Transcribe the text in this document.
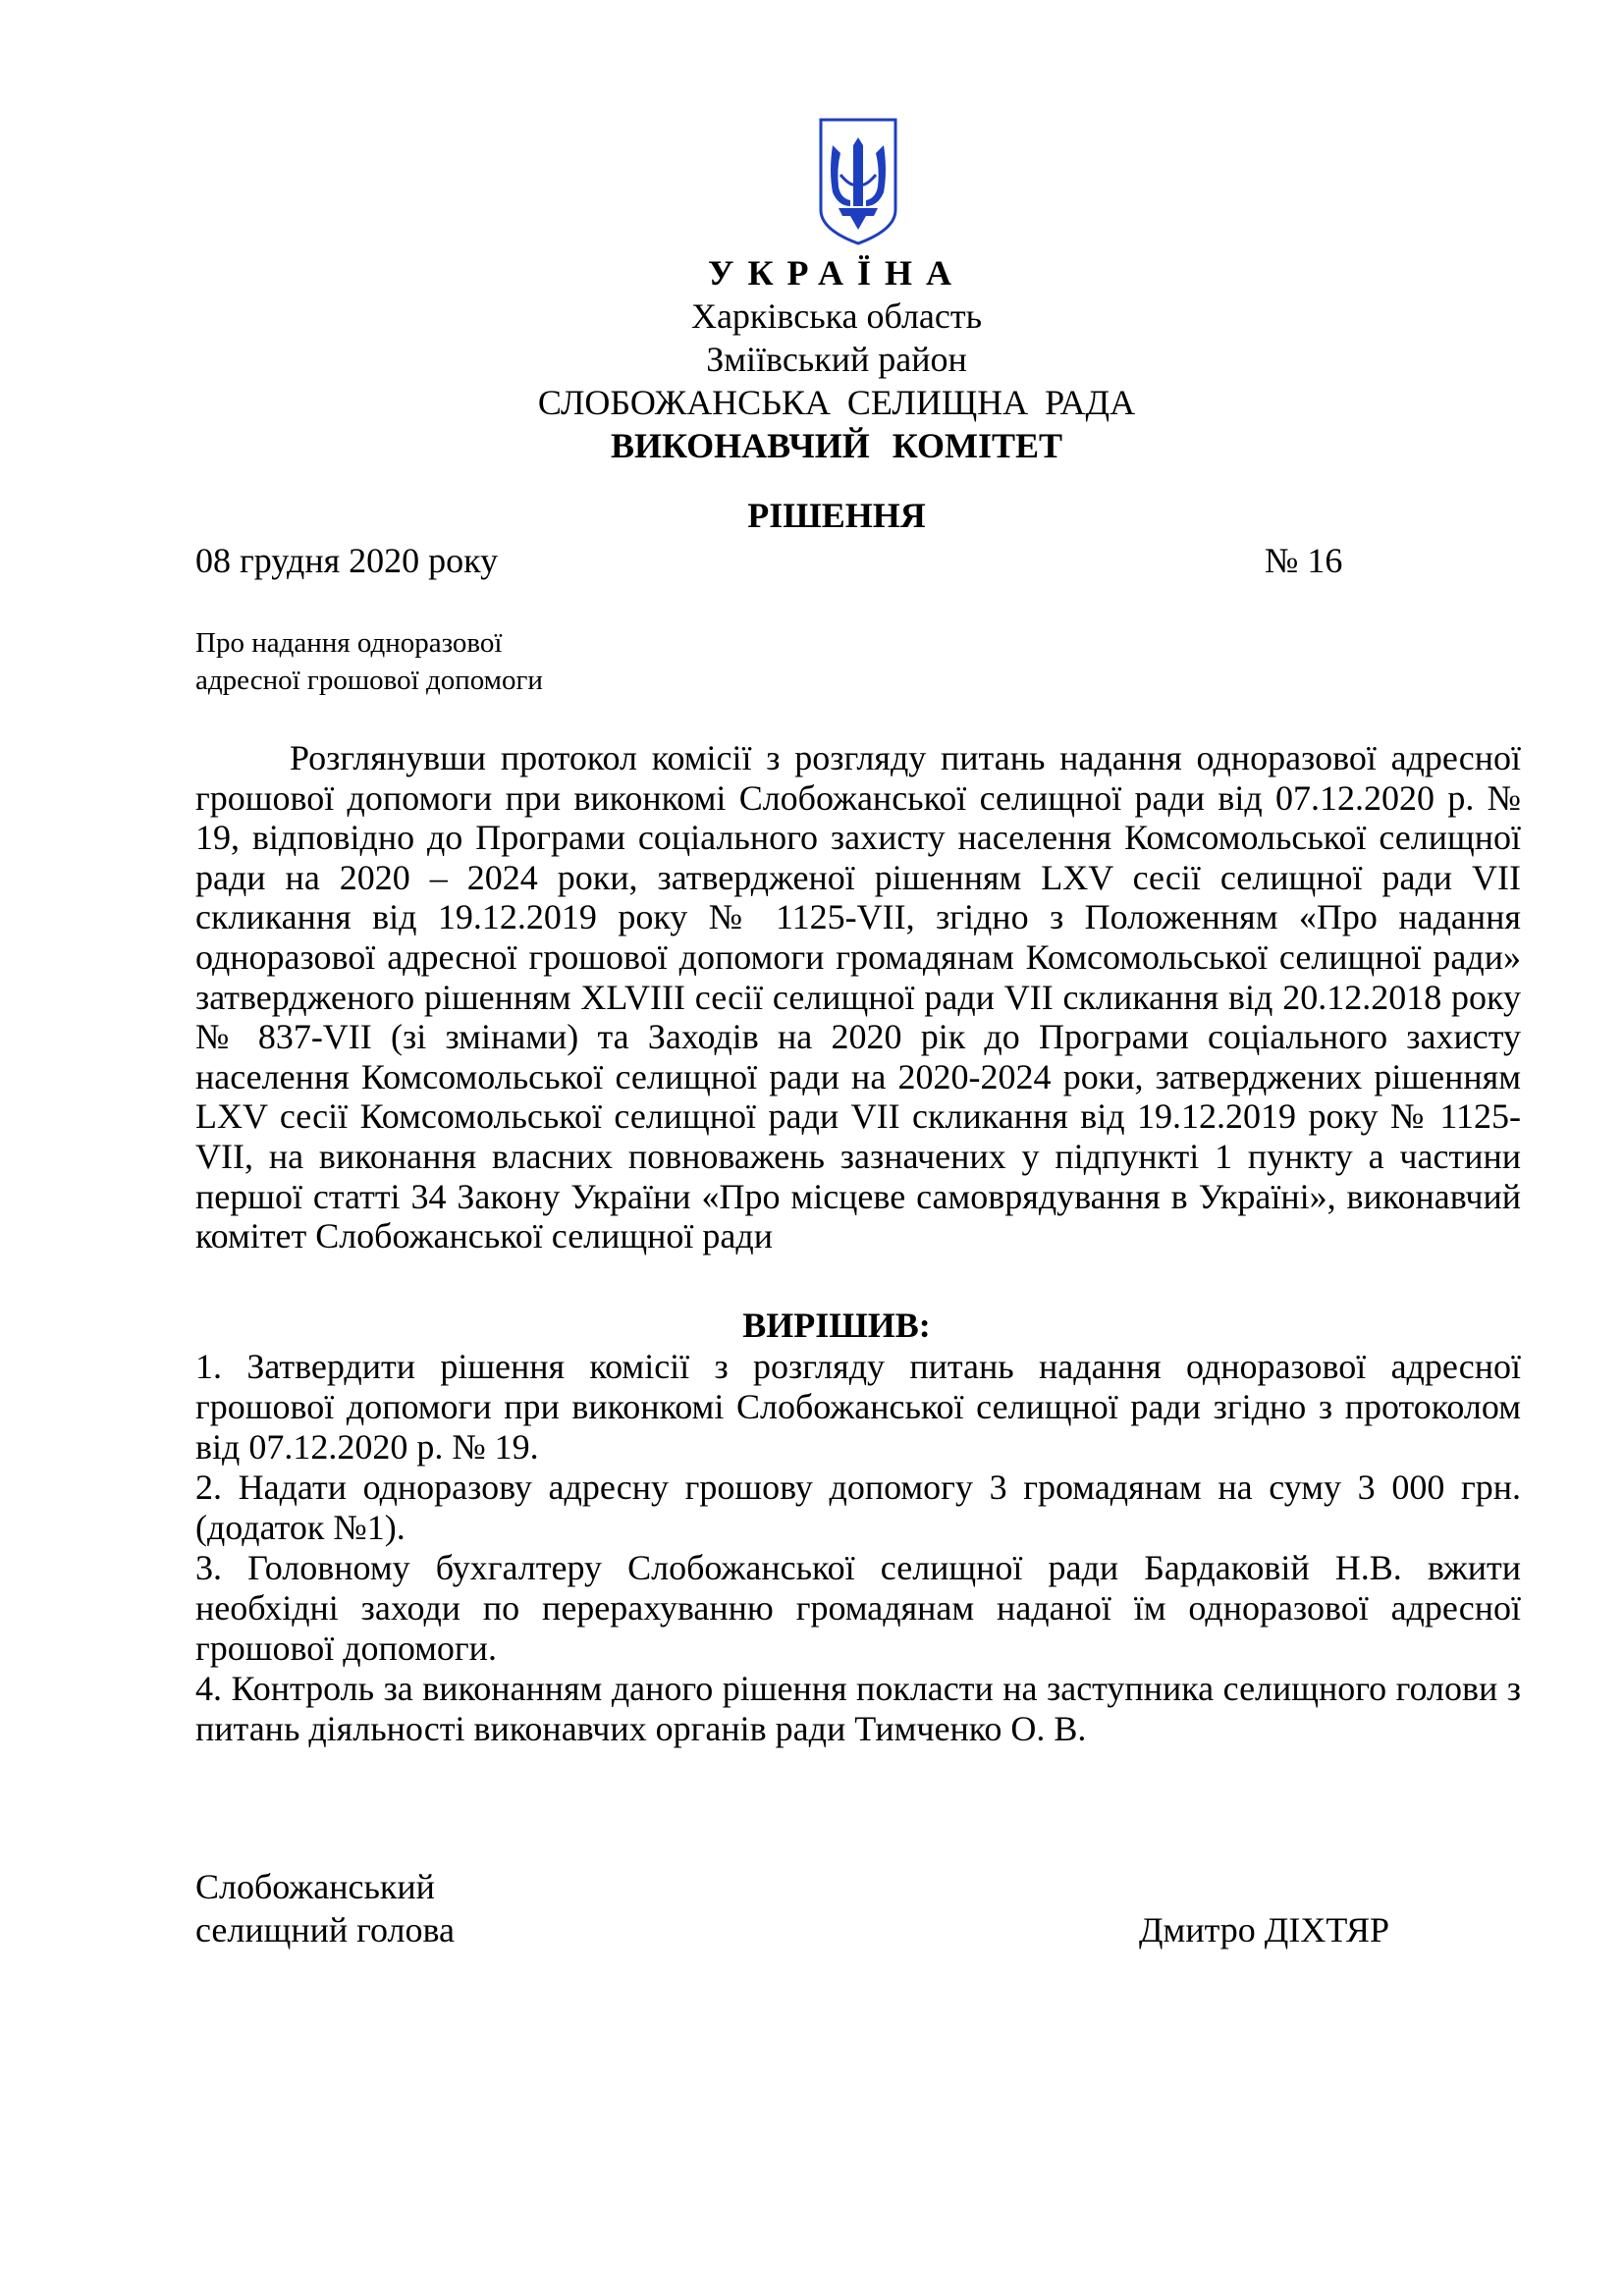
УКРАЇНА
Харківська область
Зміївський район
СЛОБОЖАНСЬКА СЕЛИЩНА РАДА
ВИКОНАВЧИЙ КОМІТЕТ
РІШЕННЯ
08 грудня 2020 року	№ 16
Про надання одноразової
адресної грошової допомоги

Розглянувши протокол комісії з розгляду питань надання одноразової адресної грошової допомоги при виконкомі Слобожанської селищної ради від 07.12.2020 р. № 19, відповідно до Програми соціального захисту населення Комсомольської селищної ради на 2020 – 2024 роки, затвердженої рішенням LXV сесії селищної ради VII скликання від 19.12.2019 року № 1125-VII, згідно з Положенням «Про надання одноразової адресної грошової допомоги громадянам Комсомольської селищної ради» затвердженого рішенням XLVIII сесії селищної ради VII скликання від 20.12.2018 року № 837-VII (зі змінами) та Заходів на 2020 рік до Програми соціального захисту населення Комсомольської селищної ради на 2020-2024 роки, затверджених рішенням LXV сесії Комсомольської селищної ради VII скликання від 19.12.2019 року № 1125-VII, на виконання власних повноважень зазначених у підпункті 1 пункту а частини першої статті 34 Закону України «Про місцеве самоврядування в Україні», виконавчий комітет Слобожанської селищної ради

ВИРІШИВ:

1. Затвердити рішення комісії з розгляду питань надання одноразової адресної грошової допомоги при виконкомі Слобожанської селищної ради згідно з протоколом від 07.12.2020 р. № 19.

2. Надати одноразову адресну грошову допомогу 3 громадянам на суму 3 000 грн. (додаток №1).

3. Головному бухгалтеру Слобожанської селищної ради Бардаковій Н.В. вжити необхідні заходи по перерахуванню громадянам наданої їм одноразової адресної грошової допомоги.

4. Контроль за виконанням даного рішення покласти на заступника селищного голови з питань діяльності виконавчих органів ради Тимченко О. В.

Слобожанський
селищний голова	Дмитро ДІХТЯР
